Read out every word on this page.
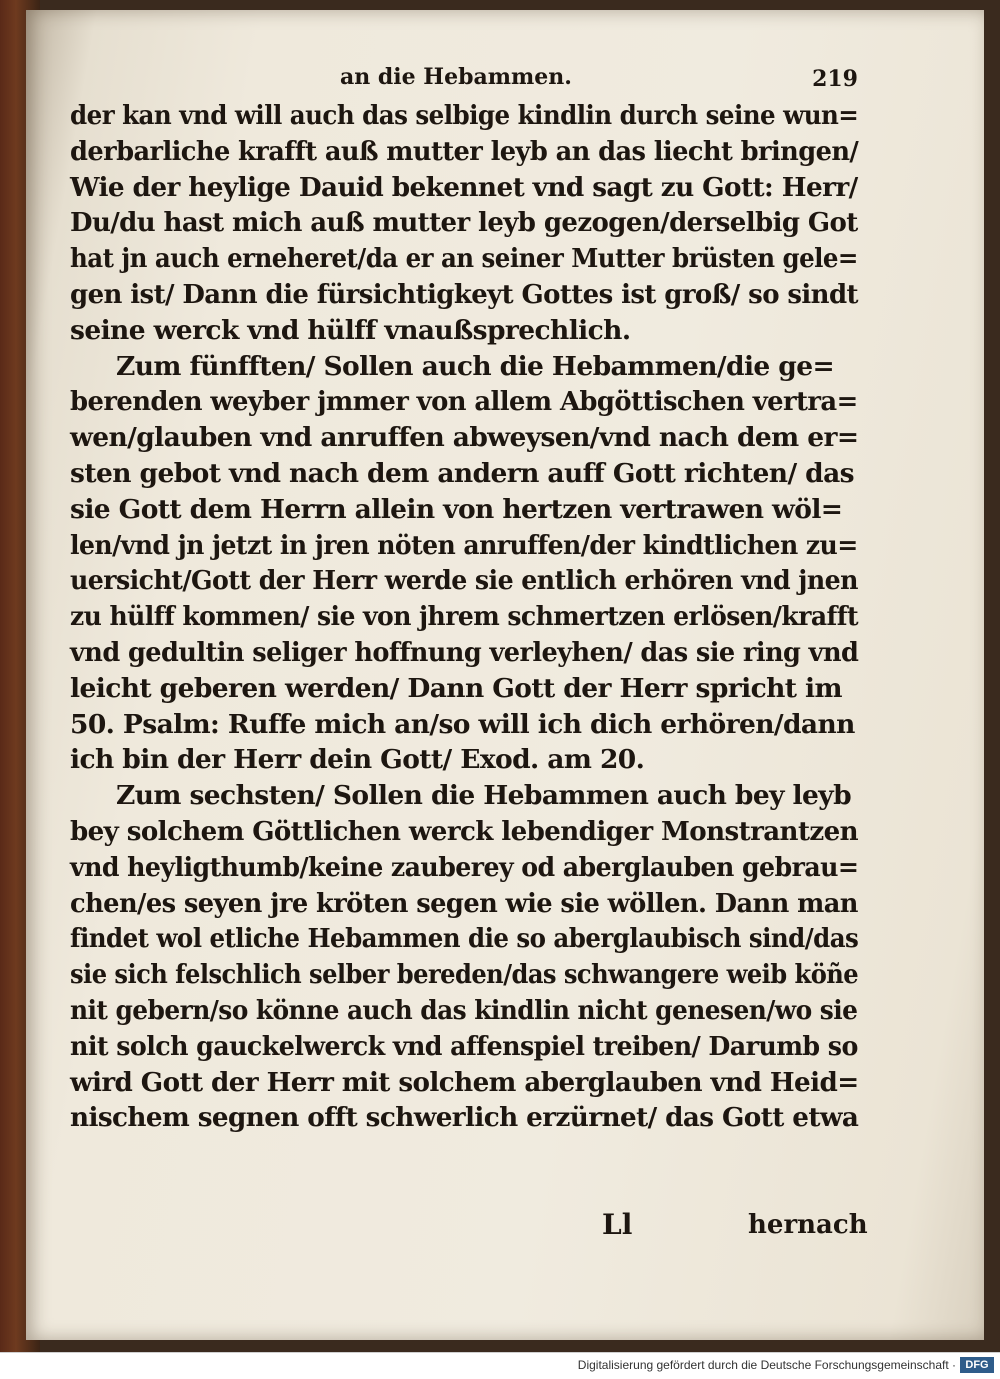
an die Hebammen.	219
der kan vnd will auch das selbige kindlin durch seine wun=
derbarliche krafft auß mutter leyb an das liecht bringen/
Wie der heylige Dauid bekennet vnd sagt zu Gott: Herr/
Du/du hast mich auß mutter leyb gezogen/derselbig Got
hat jn auch erneheret/da er an seiner Mutter brüsten gele=
gen ist/ Dann die fürsichtigkeyt Gottes ist groß/ so sindt
seine werck vnd hülff vnaußsprechlich.
Zum fünfften/ Sollen auch die Hebammen/die ge=
berenden weyber jmmer von allem Abgöttischen vertra=
wen/glauben vnd anruffen abweysen/vnd nach dem er=
sten gebot vnd nach dem andern auff Gott richten/ das
sie Gott dem Herrn allein von hertzen vertrawen wöl=
len/vnd jn jetzt in jren nöten anruffen/der kindtlichen zu=
uersicht/Gott der Herr werde sie entlich erhören vnd jnen
zu hülff kommen/ sie von jhrem schmertzen erlösen/krafft
vnd gedultin seliger hoffnung verleyhen/ das sie ring vnd
leicht geberen werden/ Dann Gott der Herr spricht im
50. Psalm: Ruffe mich an/so will ich dich erhören/dann
ich bin der Herr dein Gott/ Exod. am 20.
Zum sechsten/ Sollen die Hebammen auch bey leyb
bey solchem Göttlichen werck lebendiger Monstrantzen
vnd heyligthumb/keine zauberey od aberglauben gebrau=
chen/es seyen jre kröten segen wie sie wöllen. Dann man
findet wol etliche Hebammen die so aberglaubisch sind/das
sie sich felschlich selber bereden/das schwangere weib köñe
nit gebern/so könne auch das kindlin nicht genesen/wo sie
nit solch gauckelwerck vnd affenspiel treiben/ Darumb so
wird Gott der Herr mit solchem aberglauben vnd Heid=
nischem segnen offt schwerlich erzürnet/ das Gott etwa
Ll	hernach
Digitalisierung gefördert durch die Deutsche Forschungsgemeinschaft · DFG
